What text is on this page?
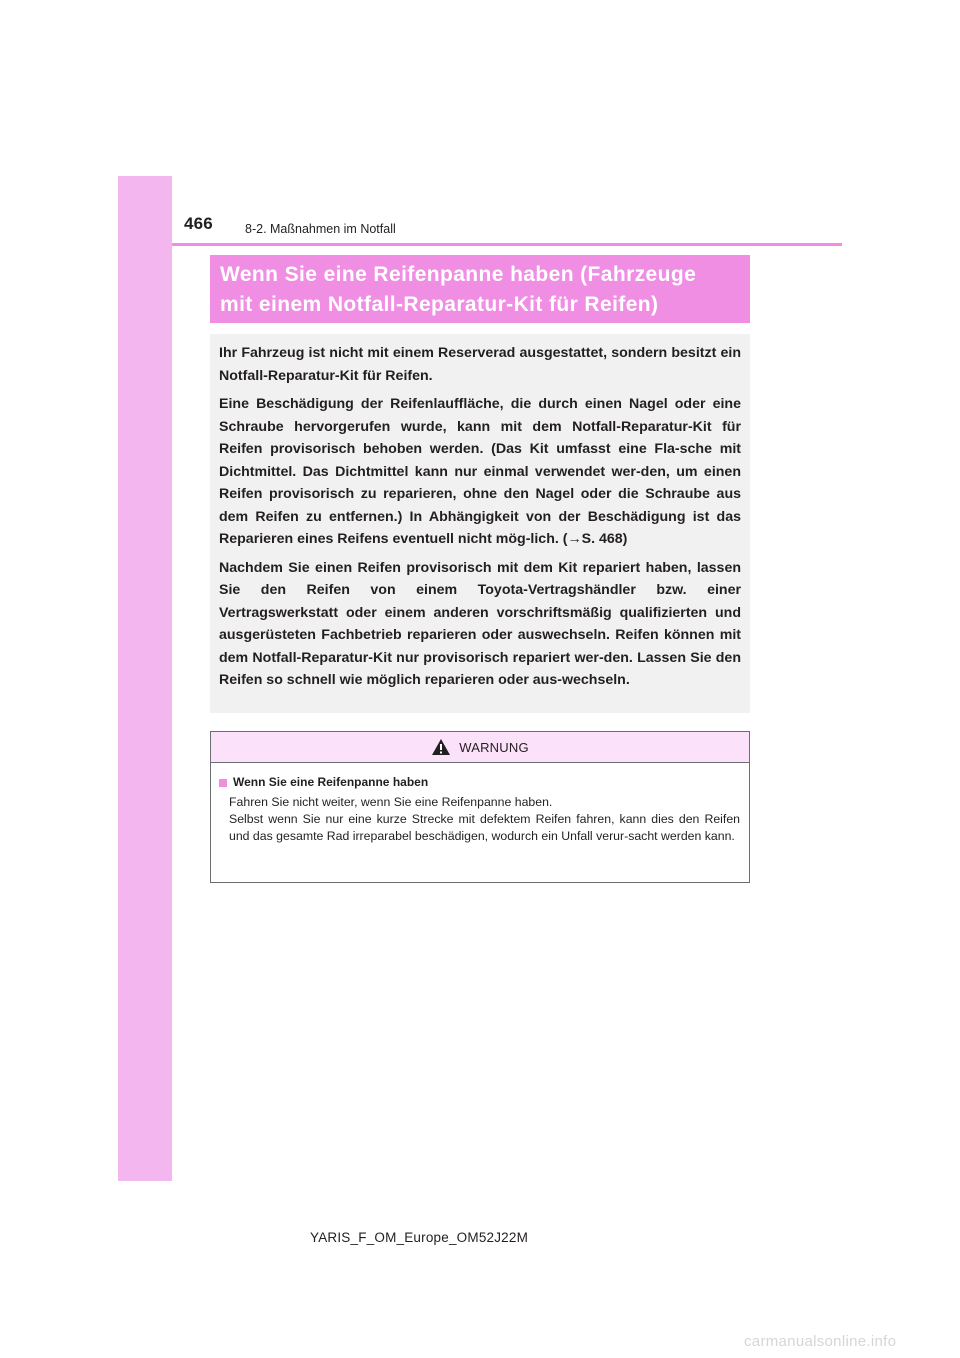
466	8-2. Maßnahmen im Notfall
Wenn Sie eine Reifenpanne haben (Fahrzeuge
mit einem Notfall-Reparatur-Kit für Reifen)

Ihr Fahrzeug ist nicht mit einem Reserverad ausgestattet, sondern besitzt ein Notfall-Reparatur-Kit für Reifen.

Eine Beschädigung der Reifenlauffläche, die durch einen Nagel oder eine Schraube hervorgerufen wurde, kann mit dem Notfall-Reparatur-Kit für Reifen provisorisch behoben werden. (Das Kit umfasst eine Fla-sche mit Dichtmittel. Das Dichtmittel kann nur einmal verwendet wer-den, um einen Reifen provisorisch zu reparieren, ohne den Nagel oder die Schraube aus dem Reifen zu entfernen.) In Abhängigkeit von der Beschädigung ist das Reparieren eines Reifens eventuell nicht mög-lich. (→S. 468)

Nachdem Sie einen Reifen provisorisch mit dem Kit repariert haben, lassen Sie den Reifen von einem Toyota-Vertragshändler bzw. einer Vertragswerkstatt oder einem anderen vorschriftsmäßig qualifizierten und ausgerüsteten Fachbetrieb reparieren oder auswechseln. Reifen können mit dem Notfall-Reparatur-Kit nur provisorisch repariert wer-den. Lassen Sie den Reifen so schnell wie möglich reparieren oder aus-wechseln.

WARNUNG
Wenn Sie eine Reifenpanne haben
Fahren Sie nicht weiter, wenn Sie eine Reifenpanne haben.
Selbst wenn Sie nur eine kurze Strecke mit defektem Reifen fahren, kann dies den Reifen und das gesamte Rad irreparabel beschädigen, wodurch ein Unfall verur-sacht werden kann.
YARIS_F_OM_Europe_OM52J22M
carmanualsonline.info
